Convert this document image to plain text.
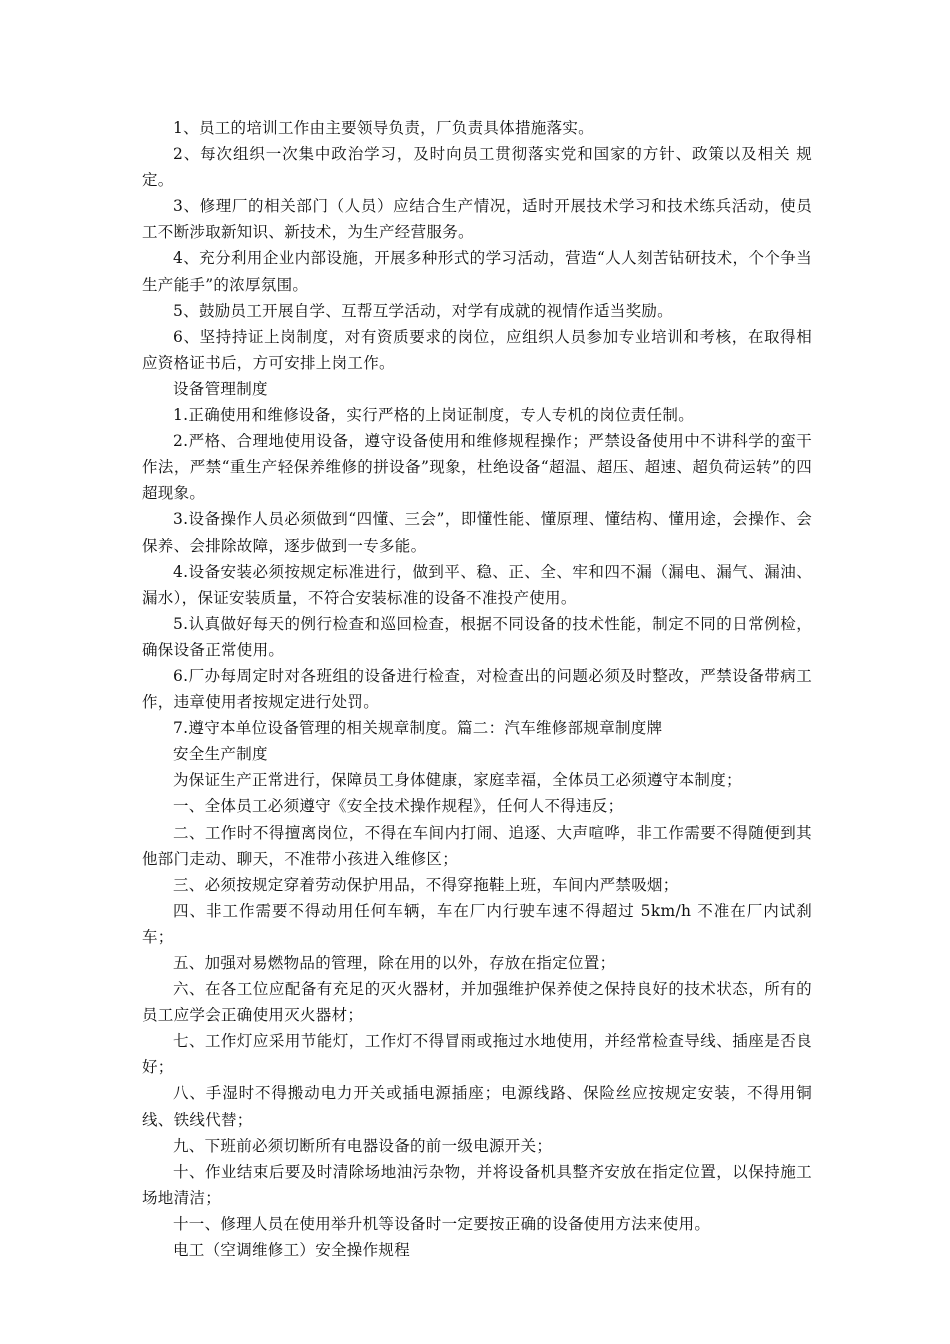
1、员工的培训工作由主要领导负责，厂负责具体措施落实。

2、每次组织一次集中政治学习，及时向员工贯彻落实党和国家的方针、政策以及相关 规定。

3、修理厂的相关部门（人员）应结合生产情况，适时开展技术学习和技术练兵活动，使员工不断涉取新知识、新技术，为生产经营服务。

4、充分利用企业内部设施，开展多种形式的学习活动，营造“人人刻苦钻研技术，个个争当生产能手”的浓厚氛围。

5、鼓励员工开展自学、互帮互学活动，对学有成就的视情作适当奖励。

6、坚持持证上岗制度，对有资质要求的岗位，应组织人员参加专业培训和考核，在取得相应资格证书后，方可安排上岗工作。

设备管理制度

1.正确使用和维修设备，实行严格的上岗证制度，专人专机的岗位责任制。

2.严格、合理地使用设备，遵守设备使用和维修规程操作；严禁设备使用中不讲科学的蛮干作法，严禁“重生产轻保养维修的拼设备”现象，杜绝设备“超温、超压、超速、超负荷运转”的四超现象。

3.设备操作人员必须做到“四懂、三会”，即懂性能、懂原理、懂结构、懂用途，会操作、会保养、会排除故障，逐步做到一专多能。

4.设备安装必须按规定标准进行，做到平、稳、正、全、牢和四不漏（漏电、漏气、漏油、漏水），保证安装质量，不符合安装标准的设备不准投产使用。

5.认真做好每天的例行检查和巡回检查，根据不同设备的技术性能，制定不同的日常例检，确保设备正常使用。

6.厂办每周定时对各班组的设备进行检查，对检查出的问题必须及时整改，严禁设备带病工作，违章使用者按规定进行处罚。

7.遵守本单位设备管理的相关规章制度。篇二：汽车维修部规章制度牌

安全生产制度

为保证生产正常进行，保障员工身体健康，家庭幸福，全体员工必须遵守本制度；

一、全体员工必须遵守《安全技术操作规程》，任何人不得违反；

二、工作时不得擅离岗位，不得在车间内打闹、追逐、大声喧哗，非工作需要不得随便到其他部门走动、聊天，不准带小孩进入维修区；

三、必须按规定穿着劳动保护用品，不得穿拖鞋上班，车间内严禁吸烟；

四、非工作需要不得动用任何车辆，车在厂内行驶车速不得超过 5km/h 不准在厂内试刹车；

五、加强对易燃物品的管理，除在用的以外，存放在指定位置；

六、在各工位应配备有充足的灭火器材，并加强维护保养使之保持良好的技术状态，所有的员工应学会正确使用灭火器材；

七、工作灯应采用节能灯，工作灯不得冒雨或拖过水地使用，并经常检查导线、插座是否良好；

八、手湿时不得搬动电力开关或插电源插座；电源线路、保险丝应按规定安装，不得用铜线、铁线代替；

九、下班前必须切断所有电器设备的前一级电源开关；

十、作业结束后要及时清除场地油污杂物，并将设备机具整齐安放在指定位置，以保持施工场地清洁；

十一、修理人员在使用举升机等设备时一定要按正确的设备使用方法来使用。

电工（空调维修工）安全操作规程
